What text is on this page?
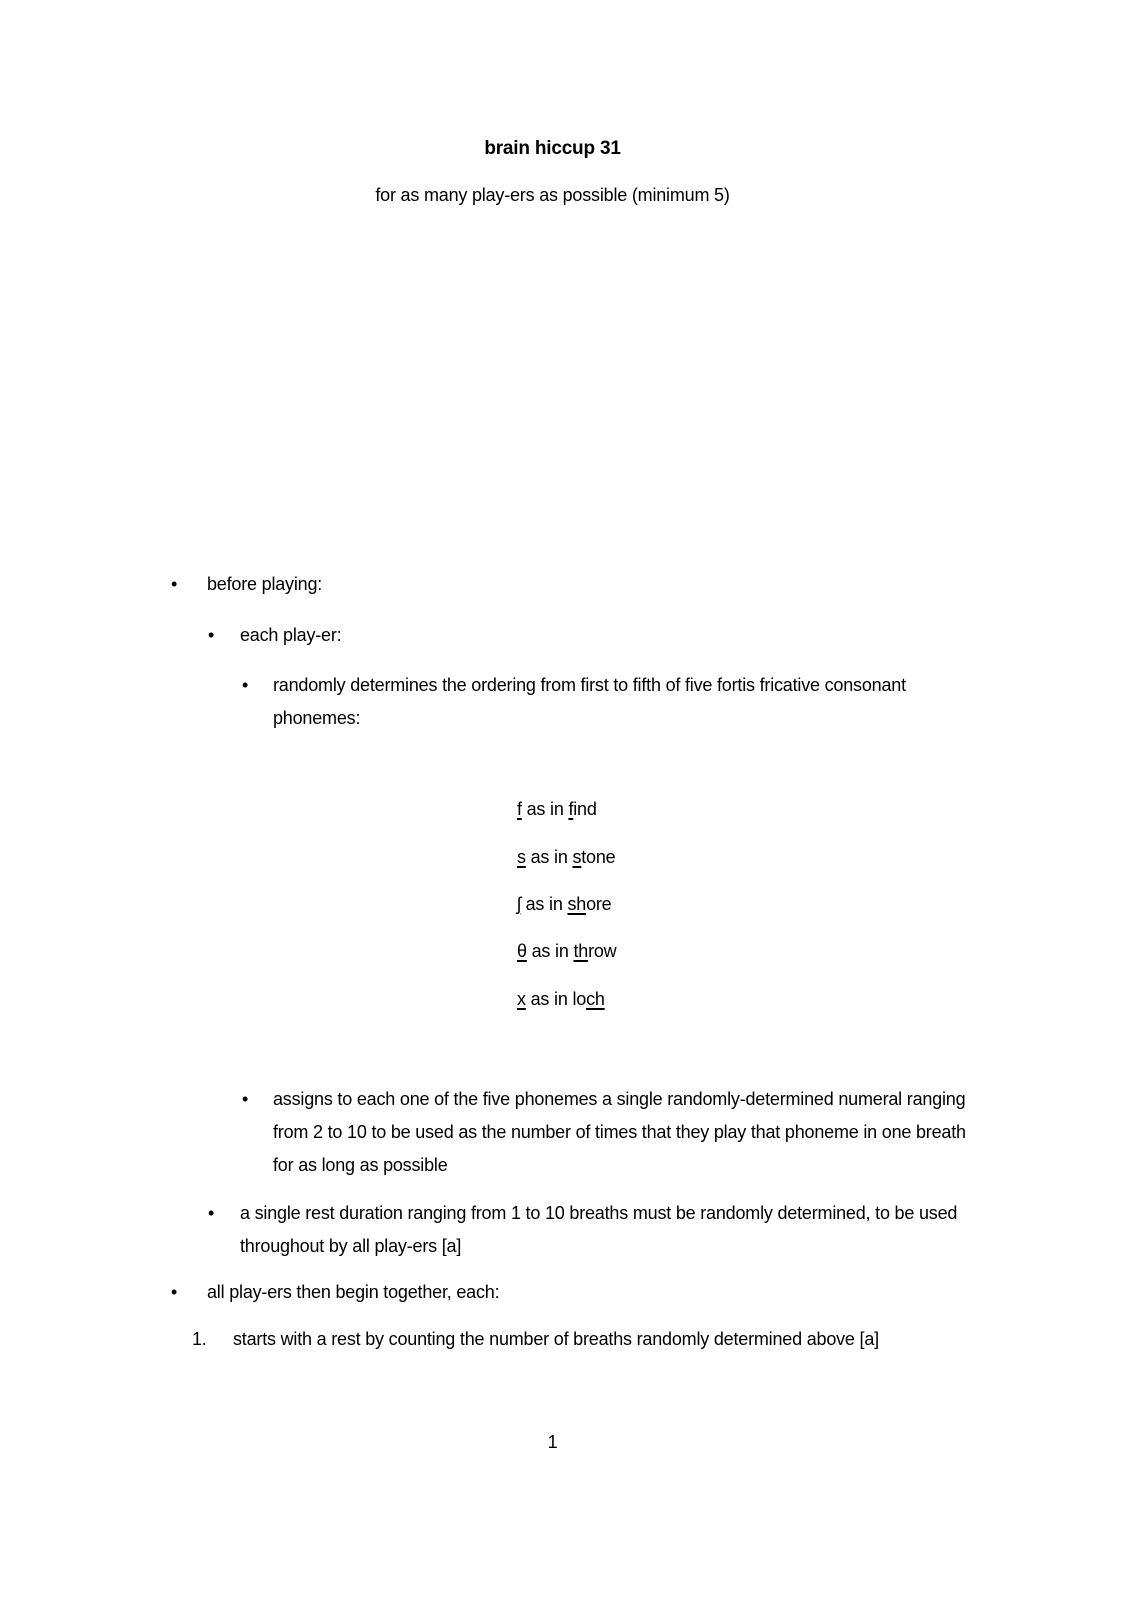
brain hiccup 31
for as many play-ers as possible (minimum 5)
• before playing:
• each play-er:
• randomly determines the ordering from first to fifth of five fortis fricative consonant phonemes:
f as in find
s as in stone
ʃ as in shore
θ as in throw
x as in loch
• assigns to each one of the five phonemes a single randomly-determined numeral ranging from 2 to 10 to be used as the number of times that they play that phoneme in one breath for as long as possible
• a single rest duration ranging from 1 to 10 breaths must be randomly determined, to be used throughout by all play-ers [a]
• all play-ers then begin together, each:
1. starts with a rest by counting the number of breaths randomly determined above [a]
1
